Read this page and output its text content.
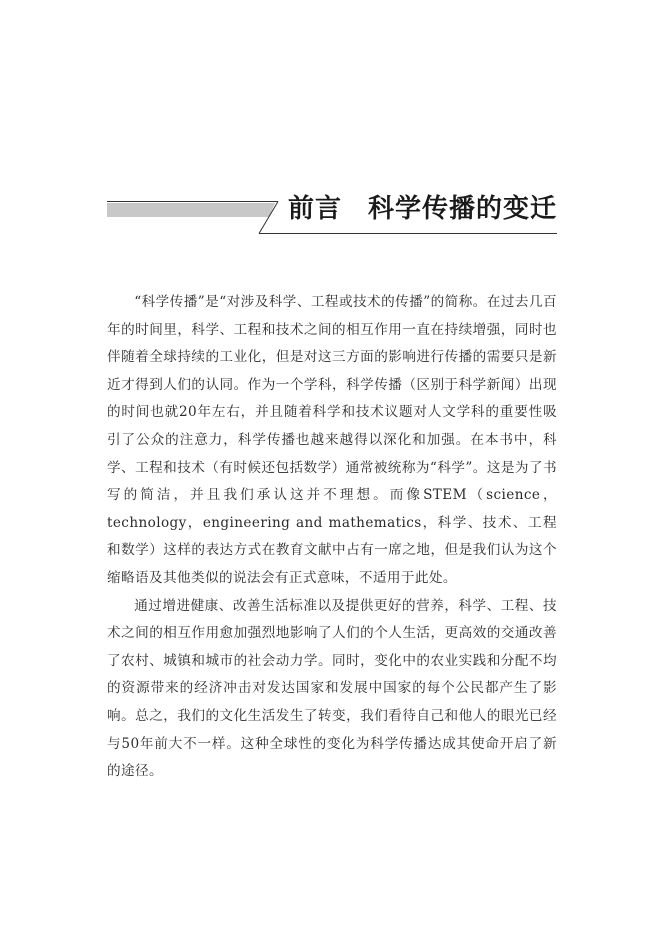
前言 科学传播的变迁

“科学传播”是“对涉及科学、工程或技术的传播”的简称。在过去几百年的时间里，科学、工程和技术之间的相互作用一直在持续增强，同时也伴随着全球持续的工业化，但是对这三方面的影响进行传播的需要只是新近才得到人们的认同。作为一个学科，科学传播（区别于科学新闻）出现的时间也就20年左右，并且随着科学和技术议题对人文学科的重要性吸引了公众的注意力，科学传播也越来越得以深化和加强。在本书中，科学、工程和技术（有时候还包括数学）通常被统称为“科学”。这是为了书写的简洁，并且我们承认这并不理想。而像STEM（science，technology，engineering and mathematics，科学、技术、工程和数学）这样的表达方式在教育文献中占有一席之地，但是我们认为这个缩略语及其他类似的说法会有正式意味，不适用于此处。

通过增进健康、改善生活标准以及提供更好的营养，科学、工程、技术之间的相互作用愈加强烈地影响了人们的个人生活，更高效的交通改善了农村、城镇和城市的社会动力学。同时，变化中的农业实践和分配不均的资源带来的经济冲击对发达国家和发展中国家的每个公民都产生了影响。总之，我们的文化生活发生了转变，我们看待自己和他人的眼光已经与50年前大不一样。这种全球性的变化为科学传播达成其使命开启了新的途径。
